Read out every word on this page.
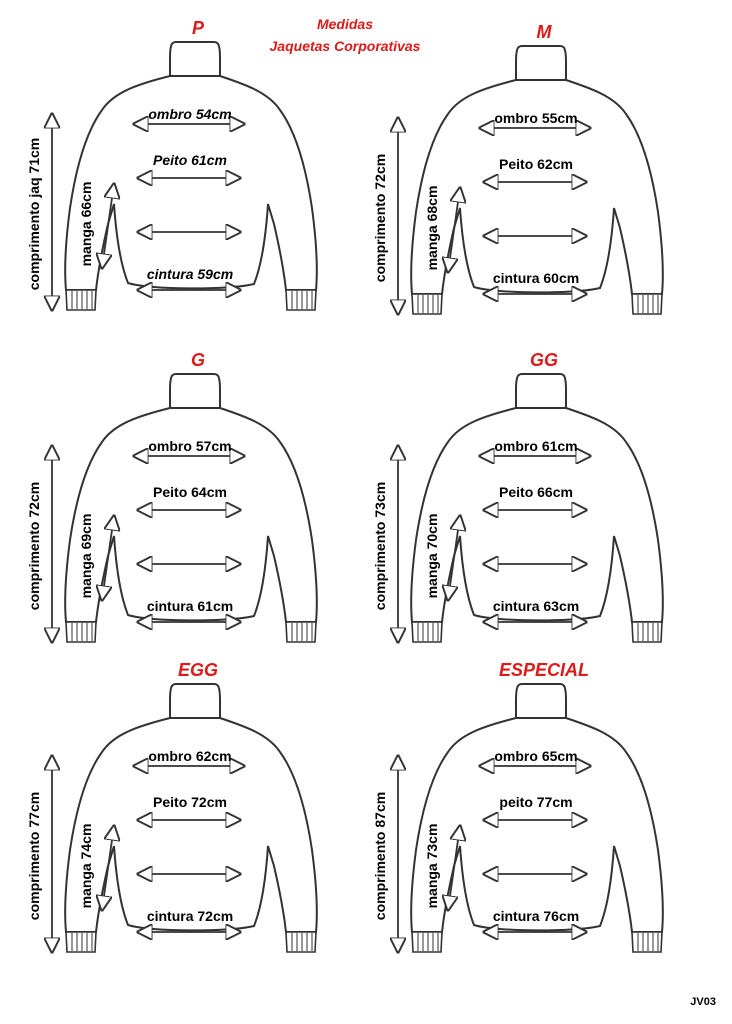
Medidas
Jaquetas Corporativas
P
ombro 54cm
Peito 61cm
cintura 59cm
manga 66cm
comprimento jaq 71cm
M
ombro 55cm
Peito 62cm
cintura 60cm
manga 68cm
comprimento 72cm
G
ombro 57cm
Peito 64cm
cintura 61cm
manga 69cm
comprimento 72cm
GG
ombro 61cm
Peito 66cm
cintura 63cm
manga 70cm
comprimento 73cm
EGG
ombro 62cm
Peito 72cm
cintura 72cm
manga 74cm
comprimento 77cm
ESPECIAL
ombro 65cm
peito 77cm
cintura 76cm
manga 73cm
comprimento 87cm
JV03
